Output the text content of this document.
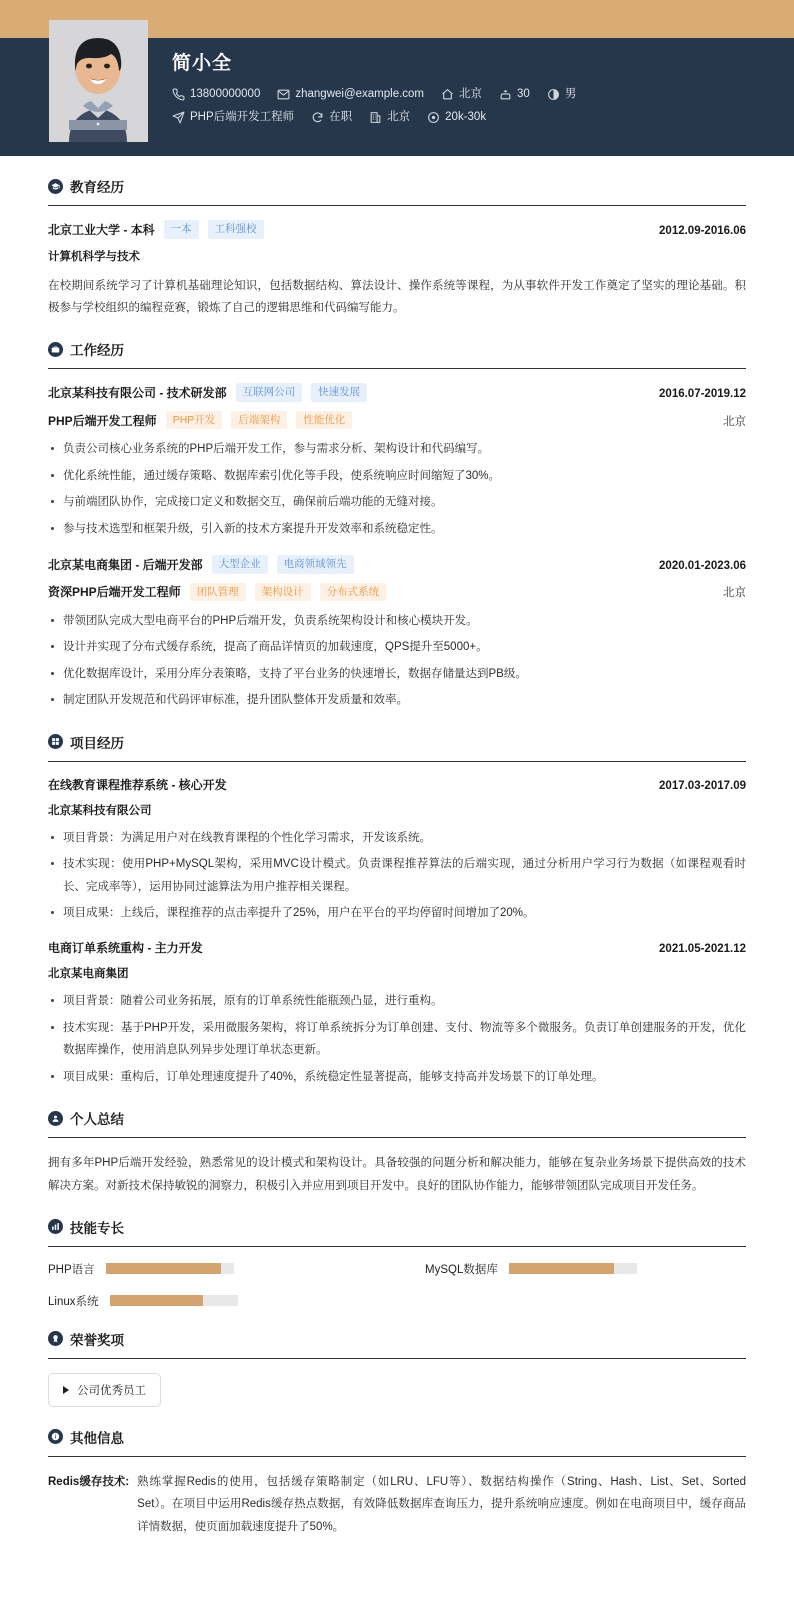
简小全
13800000000	zhangwei@example.com	北京	30	男
PHP后端开发工程师	在职	北京	20k-30k
教育经历
北京工业大学 - 本科	一本	工科强校	2012.09-2016.06
计算机科学与技术
在校期间系统学习了计算机基础理论知识，包括数据结构、算法设计、操作系统等课程，为从事软件开发工作奠定了坚实的理论基础。积极参与学校组织的编程竞赛，锻炼了自己的逻辑思维和代码编写能力。
工作经历
北京某科技有限公司 - 技术研发部	互联网公司	快速发展	2016.07-2019.12
PHP后端开发工程师	PHP开发	后端架构	性能优化	北京
负责公司核心业务系统的PHP后端开发工作，参与需求分析、架构设计和代码编写。
优化系统性能，通过缓存策略、数据库索引优化等手段，使系统响应时间缩短了30%。
与前端团队协作，完成接口定义和数据交互，确保前后端功能的无缝对接。
参与技术选型和框架升级，引入新的技术方案提升开发效率和系统稳定性。
北京某电商集团 - 后端开发部	大型企业	电商领域领先	2020.01-2023.06
资深PHP后端开发工程师	团队管理	架构设计	分布式系统	北京
带领团队完成大型电商平台的PHP后端开发，负责系统架构设计和核心模块开发。
设计并实现了分布式缓存系统，提高了商品详情页的加载速度，QPS提升至5000+。
优化数据库设计，采用分库分表策略，支持了平台业务的快速增长，数据存储量达到PB级。
制定团队开发规范和代码评审标准，提升团队整体开发质量和效率。
项目经历
在线教育课程推荐系统 - 核心开发	2017.03-2017.09
北京某科技有限公司
项目背景：为满足用户对在线教育课程的个性化学习需求，开发该系统。
技术实现：使用PHP+MySQL架构，采用MVC设计模式。负责课程推荐算法的后端实现，通过分析用户学习行为数据（如课程观看时长、完成率等），运用协同过滤算法为用户推荐相关课程。
项目成果：上线后，课程推荐的点击率提升了25%，用户在平台的平均停留时间增加了20%。
电商订单系统重构 - 主力开发	2021.05-2021.12
北京某电商集团
项目背景：随着公司业务拓展，原有的订单系统性能瓶颈凸显，进行重构。
技术实现：基于PHP开发，采用微服务架构，将订单系统拆分为订单创建、支付、物流等多个微服务。负责订单创建服务的开发，优化数据库操作，使用消息队列异步处理订单状态更新。
项目成果：重构后，订单处理速度提升了40%，系统稳定性显著提高，能够支持高并发场景下的订单处理。
个人总结
拥有多年PHP后端开发经验，熟悉常见的设计模式和架构设计。具备较强的问题分析和解决能力，能够在复杂业务场景下提供高效的技术解决方案。对新技术保持敏锐的洞察力，积极引入并应用到项目开发中。良好的团队协作能力，能够带领团队完成项目开发任务。
技能专长
PHP语言	MySQL数据库
Linux系统
荣誉奖项
公司优秀员工
其他信息
Redis缓存技术: 熟练掌握Redis的使用，包括缓存策略制定（如LRU、LFU等）、数据结构操作（String、Hash、List、Set、Sorted Set）。在项目中运用Redis缓存热点数据，有效降低数据库查询压力，提升系统响应速度。例如在电商项目中，缓存商品详情数据，使页面加载速度提升了50%。
